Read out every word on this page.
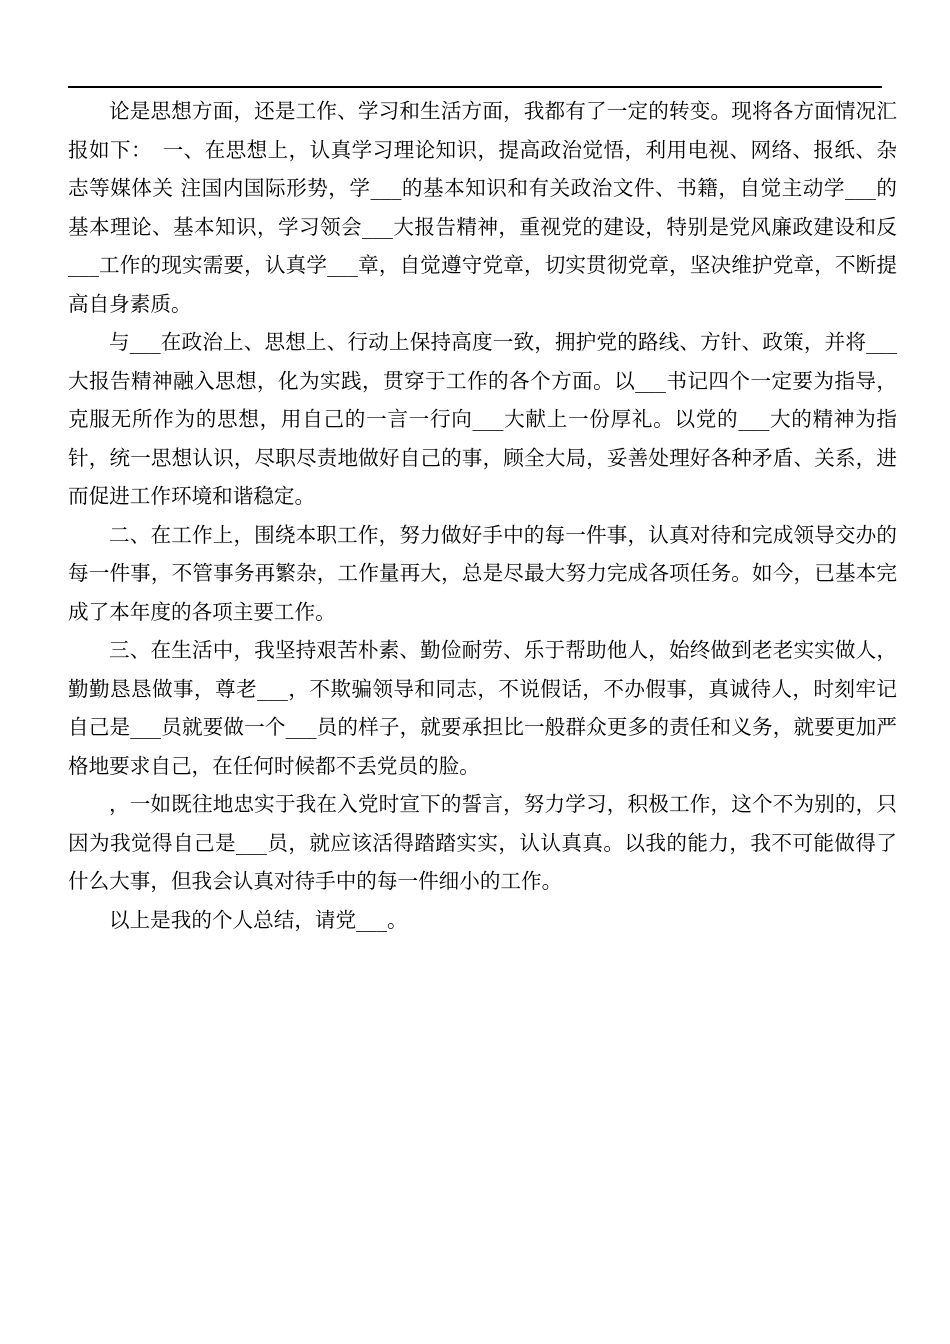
论是思想方面，还是工作、学习和生活方面，我都有了一定的转变。现将各方面情况汇报如下：　一、在思想上，认真学习理论知识，提高政治觉悟，利用电视、网络、报纸、杂志等媒体关 注国内国际形势，学___的基本知识和有关政治文件、书籍，自觉主动学___的基本理论、基本知识，学习领会___大报告精神，重视党的建设，特别是党风廉政建设和反___工作的现实需要，认真学___章，自觉遵守党章，切实贯彻党章，坚决维护党章，不断提高自身素质。

与___在政治上、思想上、行动上保持高度一致，拥护党的路线、方针、政策，并将___大报告精神融入思想，化为实践，贯穿于工作的各个方面。以___书记四个一定要为指导，克服无所作为的思想，用自己的一言一行向___大献上一份厚礼。以党的___大的精神为指针，统一思想认识，尽职尽责地做好自己的事，顾全大局，妥善处理好各种矛盾、关系，进而促进工作环境和谐稳定。

二、在工作上，围绕本职工作，努力做好手中的每一件事，认真对待和完成领导交办的每一件事，不管事务再繁杂，工作量再大，总是尽最大努力完成各项任务。如今，已基本完成了本年度的各项主要工作。

三、在生活中，我坚持艰苦朴素、勤俭耐劳、乐于帮助他人，始终做到老老实实做人，勤勤恳恳做事，尊老___，不欺骗领导和同志，不说假话，不办假事，真诚待人，时刻牢记自己是___员就要做一个___员的样子，就要承担比一般群众更多的责任和义务，就要更加严格地要求自己，在任何时候都不丢党员的脸。

，一如既往地忠实于我在入党时宣下的誓言，努力学习，积极工作，这个不为别的，只因为我觉得自己是___员，就应该活得踏踏实实，认认真真。以我的能力，我不可能做得了什么大事，但我会认真对待手中的每一件细小的工作。

以上是我的个人总结，请党___。
